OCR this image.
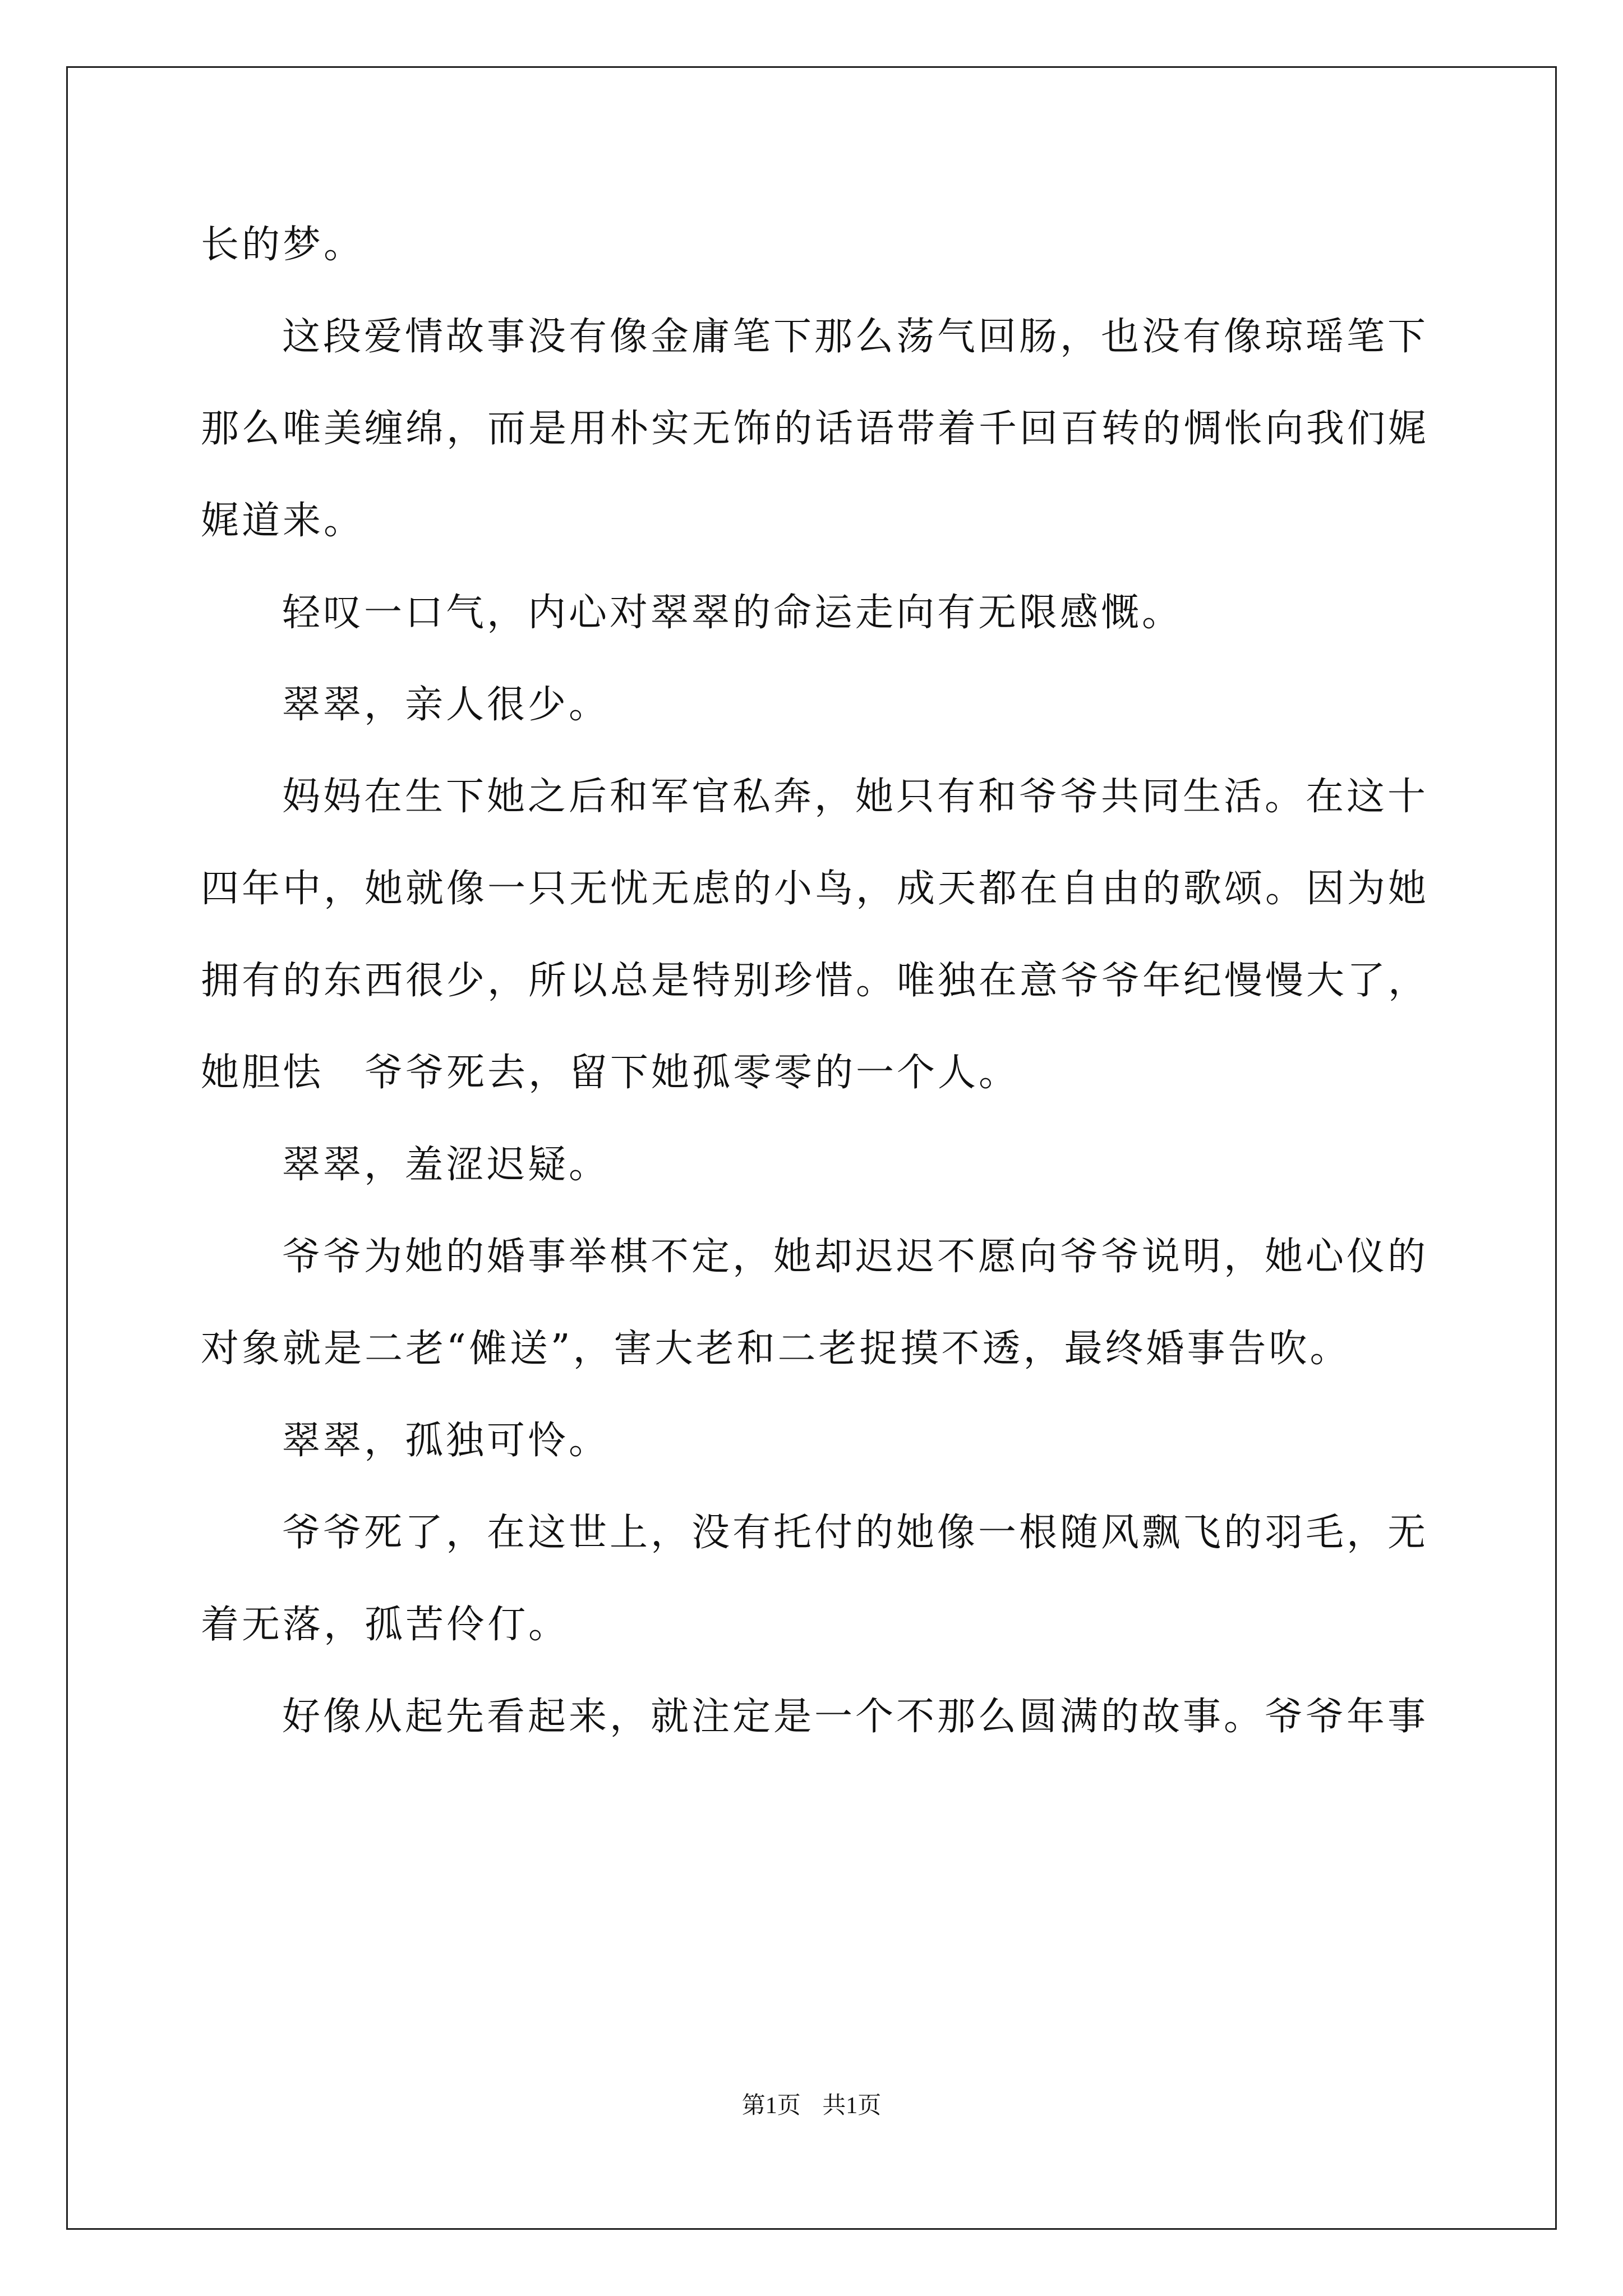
长的梦。
这段爱情故事没有像金庸笔下那么荡气回肠，也没有像琼瑶笔下
那么唯美缠绵，而是用朴实无饰的话语带着千回百转的惆怅向我们娓
娓道来。
轻叹一口气，内心对翠翠的命运走向有无限感慨。
翠翠，亲人很少。
妈妈在生下她之后和军官私奔，她只有和爷爷共同生活。在这十
四年中，她就像一只无忧无虑的小鸟，成天都在自由的歌颂。因为她
拥有的东西很少，所以总是特别珍惜。唯独在意爷爷年纪慢慢大了，
她胆怯　爷爷死去，留下她孤零零的一个人。
翠翠，羞涩迟疑。
爷爷为她的婚事举棋不定，她却迟迟不愿向爷爷说明，她心仪的
对象就是二老“傩送”，害大老和二老捉摸不透，最终婚事告吹。
翠翠，孤独可怜。
爷爷死了，在这世上，没有托付的她像一根随风飘飞的羽毛，无
着无落，孤苦伶仃。
好像从起先看起来，就注定是一个不那么圆满的故事。爷爷年事
第1页 共1页
